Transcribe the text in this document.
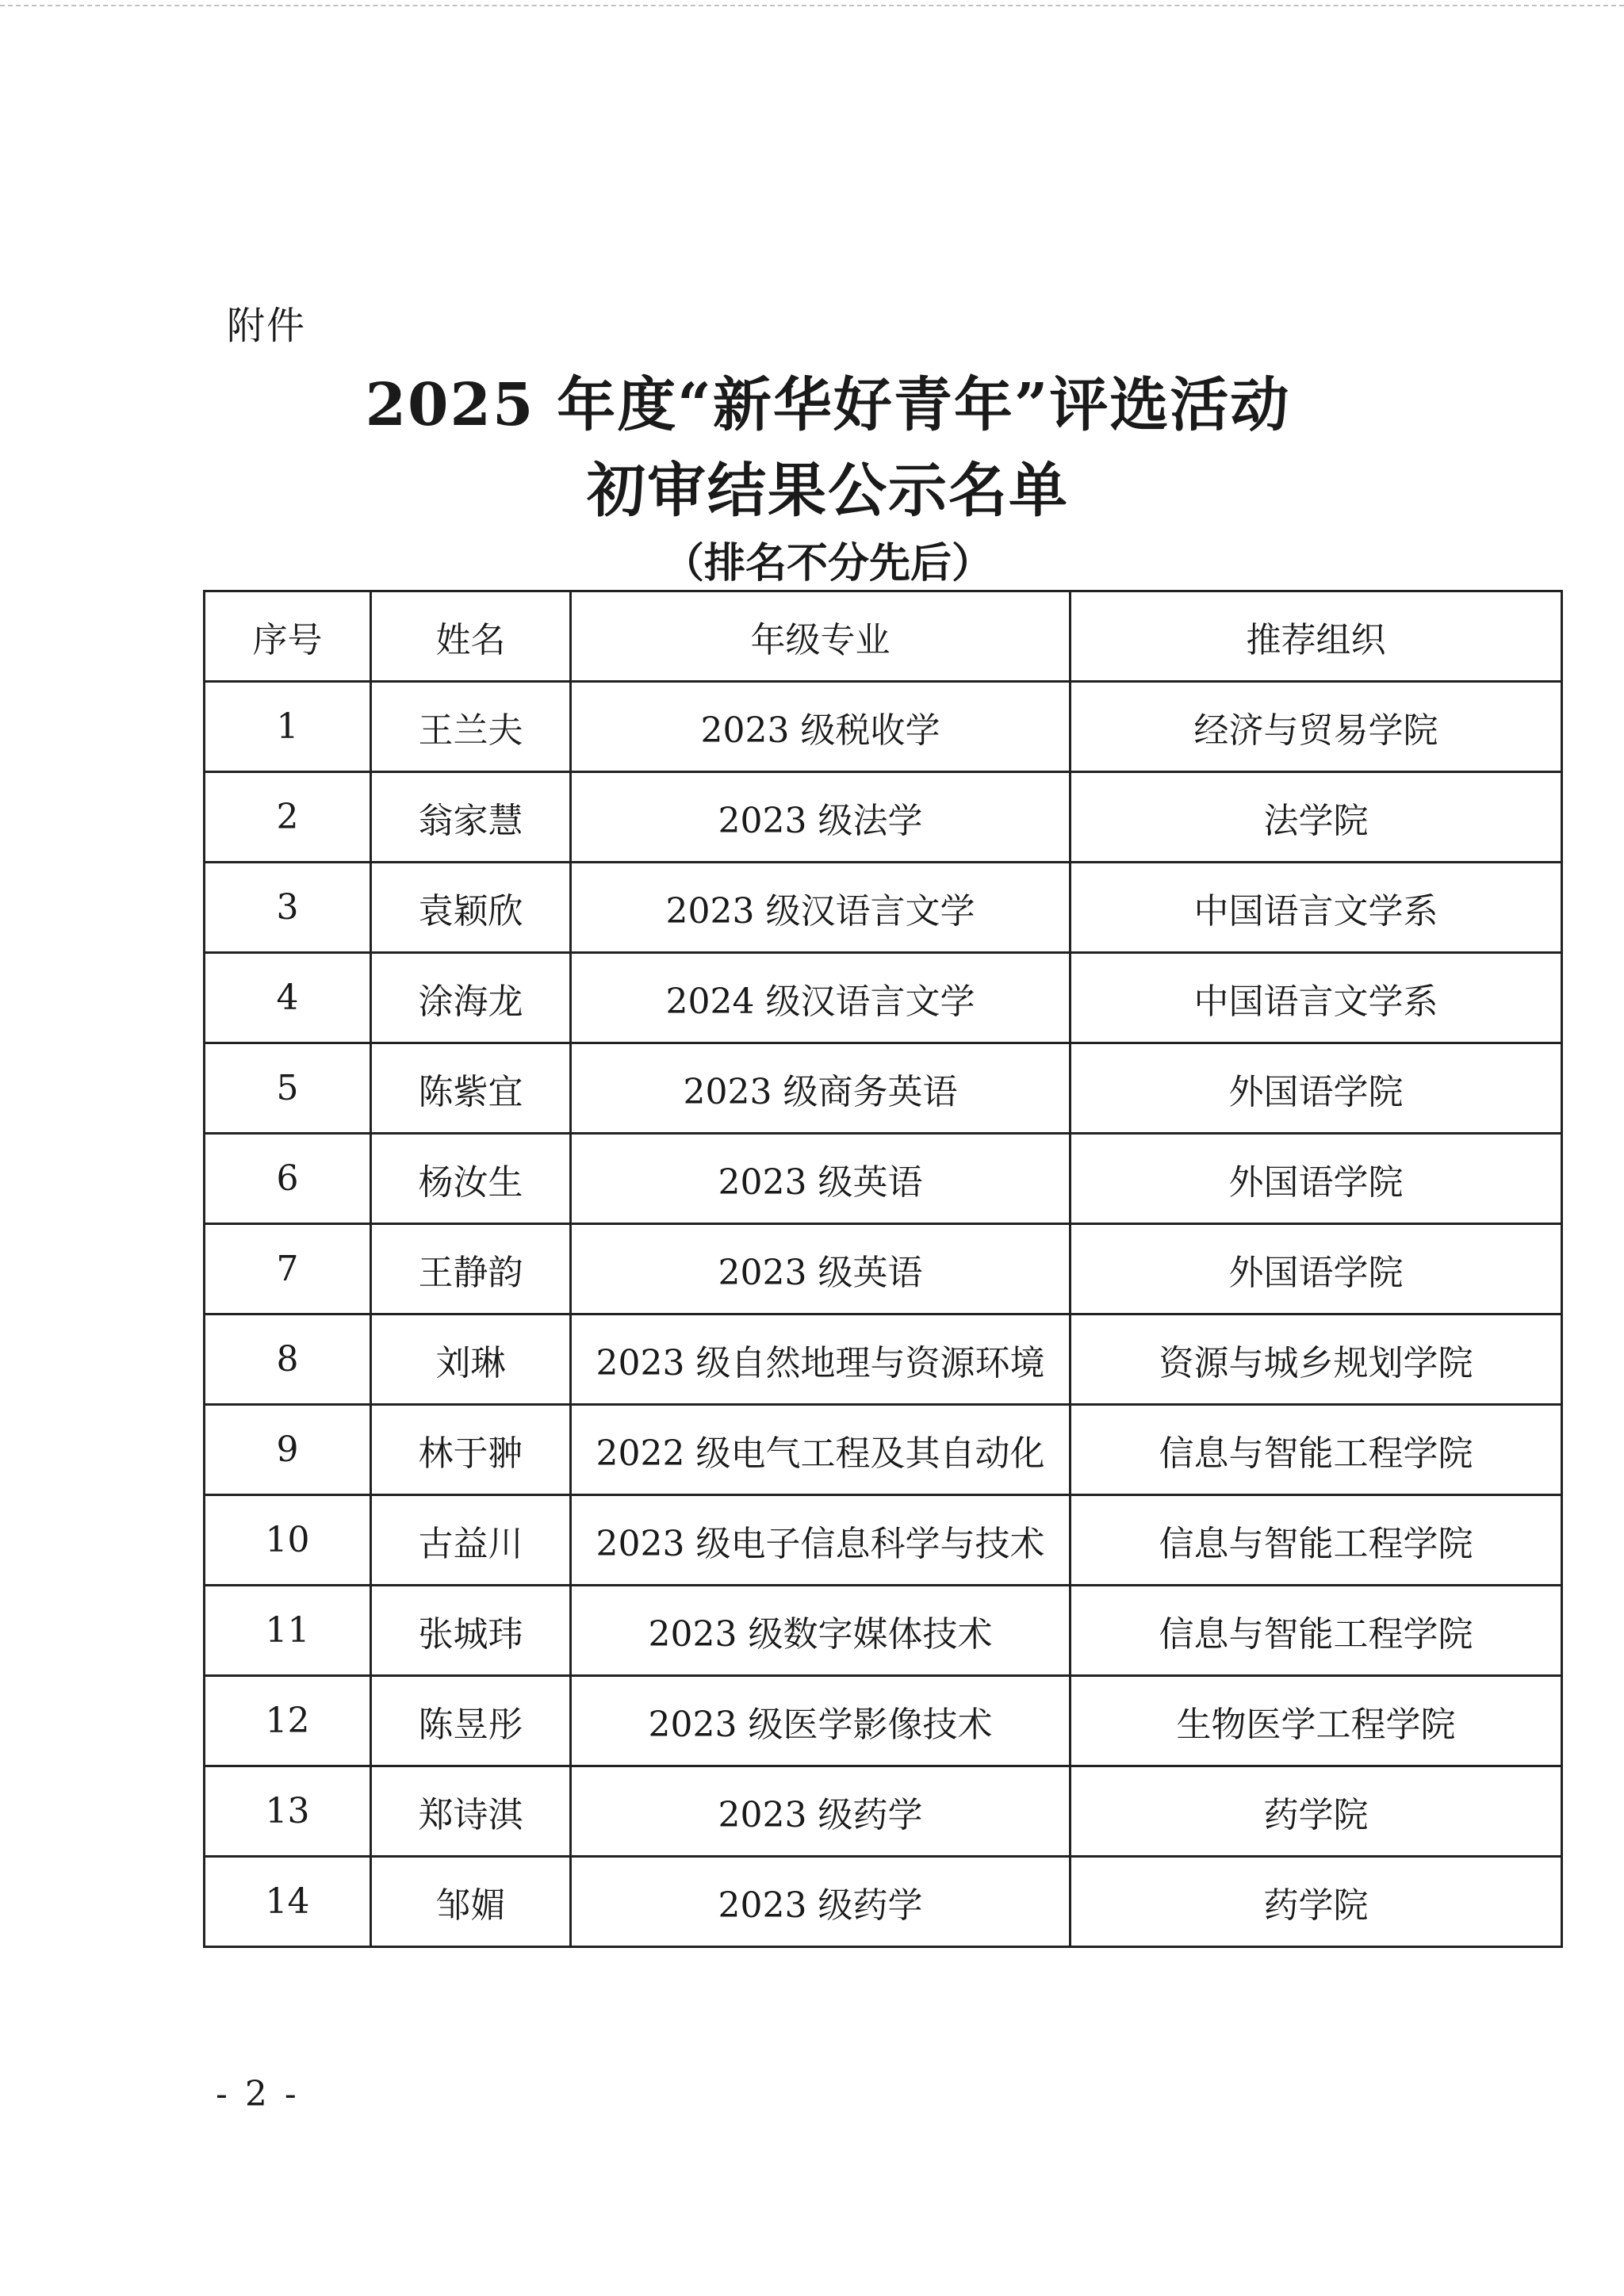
附件
2025 年度“新华好青年”评选活动
初审结果公示名单
（排名不分先后）
序号	姓名	年级专业	推荐组织
1	王兰夫	2023 级税收学	经济与贸易学院
2	翁家慧	2023 级法学	法学院
3	袁颖欣	2023 级汉语言文学	中国语言文学系
4	涂海龙	2024 级汉语言文学	中国语言文学系
5	陈紫宜	2023 级商务英语	外国语学院
6	杨汝生	2023 级英语	外国语学院
7	王静韵	2023 级英语	外国语学院
8	刘琳	2023 级自然地理与资源环境	资源与城乡规划学院
9	林于翀	2022 级电气工程及其自动化	信息与智能工程学院
10	古益川	2023 级电子信息科学与技术	信息与智能工程学院
11	张城玮	2023 级数字媒体技术	信息与智能工程学院
12	陈昱彤	2023 级医学影像技术	生物医学工程学院
13	郑诗淇	2023 级药学	药学院
14	邹媚	2023 级药学	药学院
- 2 -
